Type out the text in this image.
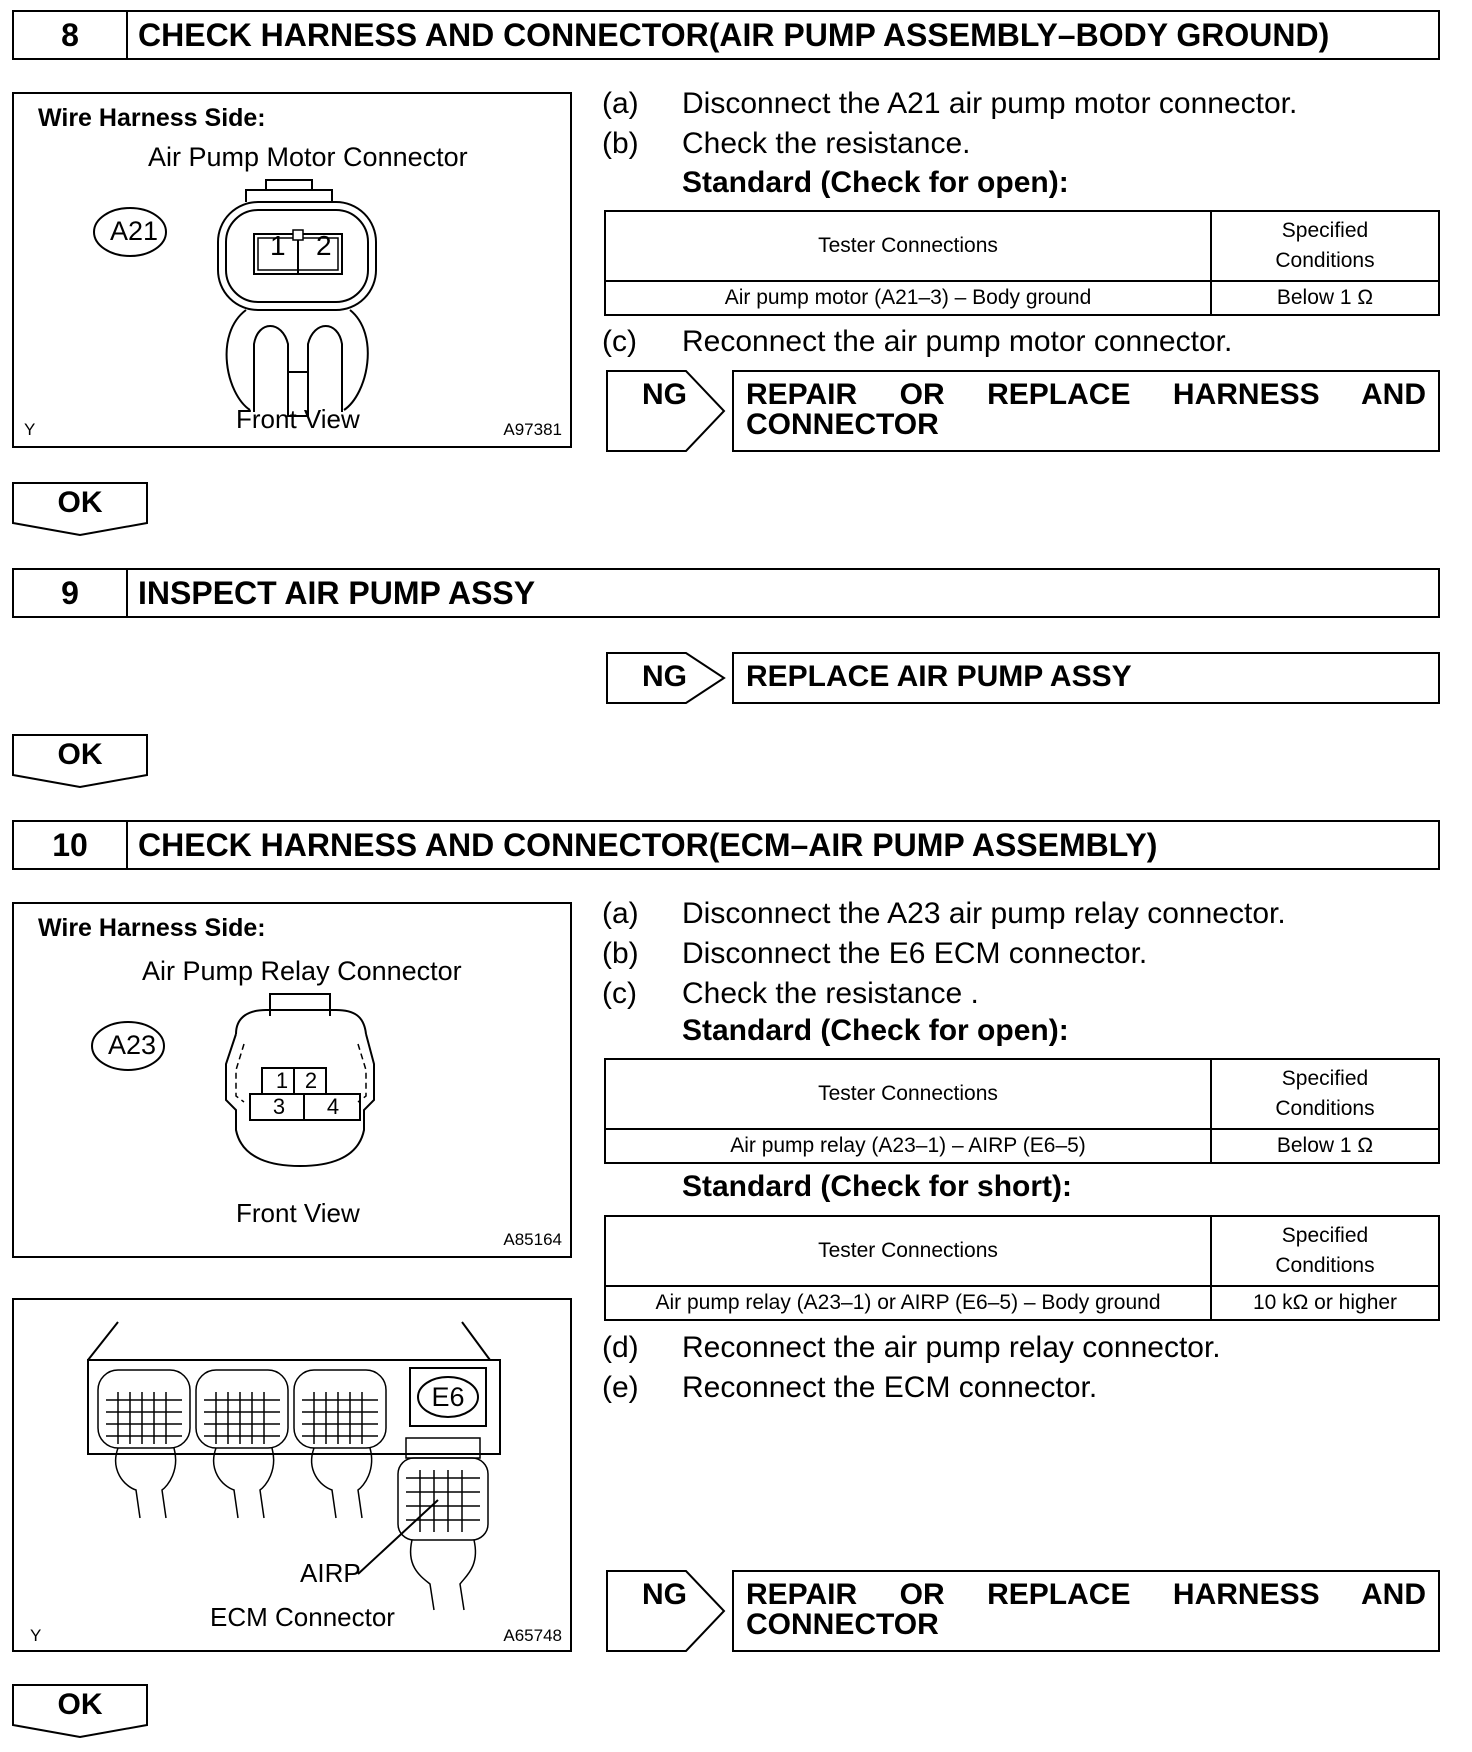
8	CHECK HARNESS AND CONNECTOR(AIR PUMP ASSEMBLY–BODY GROUND)
Wire Harness Side:
Air Pump Motor Connector
A21	1 2
Front View
Y	A97381
(a) Disconnect the A21 air pump motor connector.
(b) Check the resistance.
Standard (Check for open):
Tester Connections	Specified
Conditions

Air pump motor (A21–3) – Body ground	Below 1 Ω
(c) Reconnect the air pump motor connector.
NG REPAIR OR REPLACE HARNESS AND
CONNECTOR
OK
9	INSPECT AIR PUMP ASSY
NG	REPLACE AIR PUMP ASSY
OK
10	CHECK HARNESS AND CONNECTOR(ECM–AIR PUMP ASSEMBLY)
Wire Harness Side:
Air Pump Relay Connector
A23
1 2
3	4
Front View
A85164
E6
AIRP
ECM Connector
Y	A65748
(a) Disconnect the A23 air pump relay connector.
(b) Disconnect the E6 ECM connector.
(c) Check the resistance .
Standard (Check for open):
Tester Connections	Specified
Conditions

Air pump relay (A23–1) – AIRP (E6–5)	Below 1 Ω
Standard (Check for short):
Tester Connections	Specified
Conditions

Air pump relay (A23–1) or AIRP (E6–5) – Body ground	10 kΩ or higher
(d) Reconnect the air pump relay connector.
(e) Reconnect the ECM connector.
NG REPAIR OR REPLACE HARNESS AND
CONNECTOR
OK
